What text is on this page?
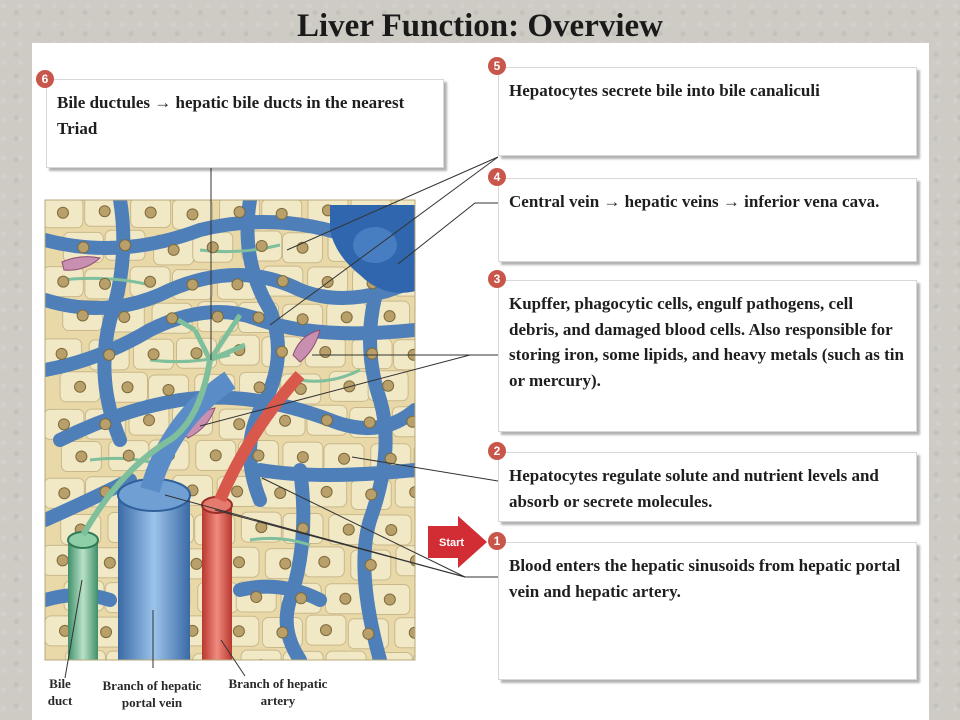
Liver Function: Overview
Start
Bile ductules → hepatic bile ducts in the nearest Triad
6
Hepatocytes secrete bile into bile canaliculi
5
Central vein → hepatic veins → inferior vena cava.
4
Kupffer, phagocytic cells, engulf pathogens, cell debris, and damaged blood cells. Also responsible for storing iron, some lipids, and heavy metals (such as tin or mercury).
3
Hepatocytes regulate solute and nutrient levels and absorb or secrete molecules.
2
Blood enters the hepatic sinusoids from hepatic portal vein and hepatic artery.
1
Bile duct
Branch of hepatic portal vein
Branch of hepatic artery
